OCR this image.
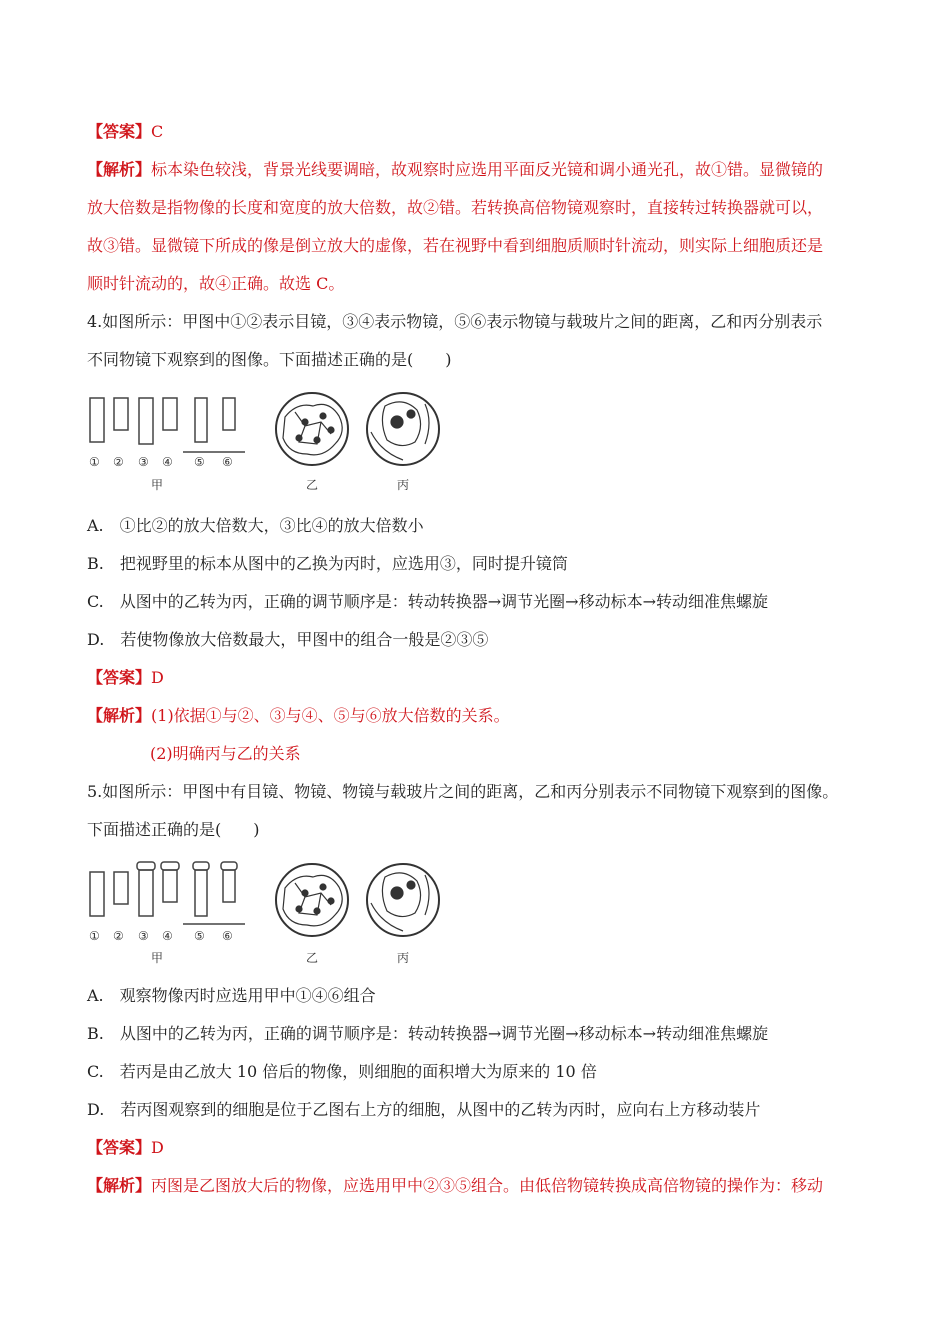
【答案】C
【解析】标本染色较浅，背景光线要调暗，故观察时应选用平面反光镜和调小通光孔，故①错。显微镜的
放大倍数是指物像的长度和宽度的放大倍数，故②错。若转换高倍物镜观察时，直接转过转换器就可以，
故③错。显微镜下所成的像是倒立放大的虚像，若在视野中看到细胞质顺时针流动，则实际上细胞质还是
顺时针流动的，故④正确。故选 C。
4.如图所示：甲图中①②表示目镜，③④表示物镜，⑤⑥表示物镜与载玻片之间的距离，乙和丙分别表示
不同物镜下观察到的图像。下面描述正确的是(　　)
① ② ③ ④ ⑤ ⑥
甲	乙	丙
A.　①比②的放大倍数大，③比④的放大倍数小
B.　把视野里的标本从图中的乙换为丙时，应选用③，同时提升镜筒
C.　从图中的乙转为丙，正确的调节顺序是：转动转换器→调节光圈→移动标本→转动细准焦螺旋
D.　若使物像放大倍数最大，甲图中的组合一般是②③⑤
【答案】D
【解析】(1)依据①与②、③与④、⑤与⑥放大倍数的关系。
(2)明确丙与乙的关系
5.如图所示：甲图中有目镜、物镜、物镜与载玻片之间的距离，乙和丙分别表示不同物镜下观察到的图像。
下面描述正确的是(　　)
① ② ③ ④ ⑤ ⑥
甲	乙	丙
A.　观察物像丙时应选用甲中①④⑥组合
B.　从图中的乙转为丙，正确的调节顺序是：转动转换器→调节光圈→移动标本→转动细准焦螺旋
C.　若丙是由乙放大 10 倍后的物像，则细胞的面积增大为原来的 10 倍
D.　若丙图观察到的细胞是位于乙图右上方的细胞，从图中的乙转为丙时，应向右上方移动装片
【答案】D
【解析】丙图是乙图放大后的物像，应选用甲中②③⑤组合。由低倍物镜转换成高倍物镜的操作为：移动
